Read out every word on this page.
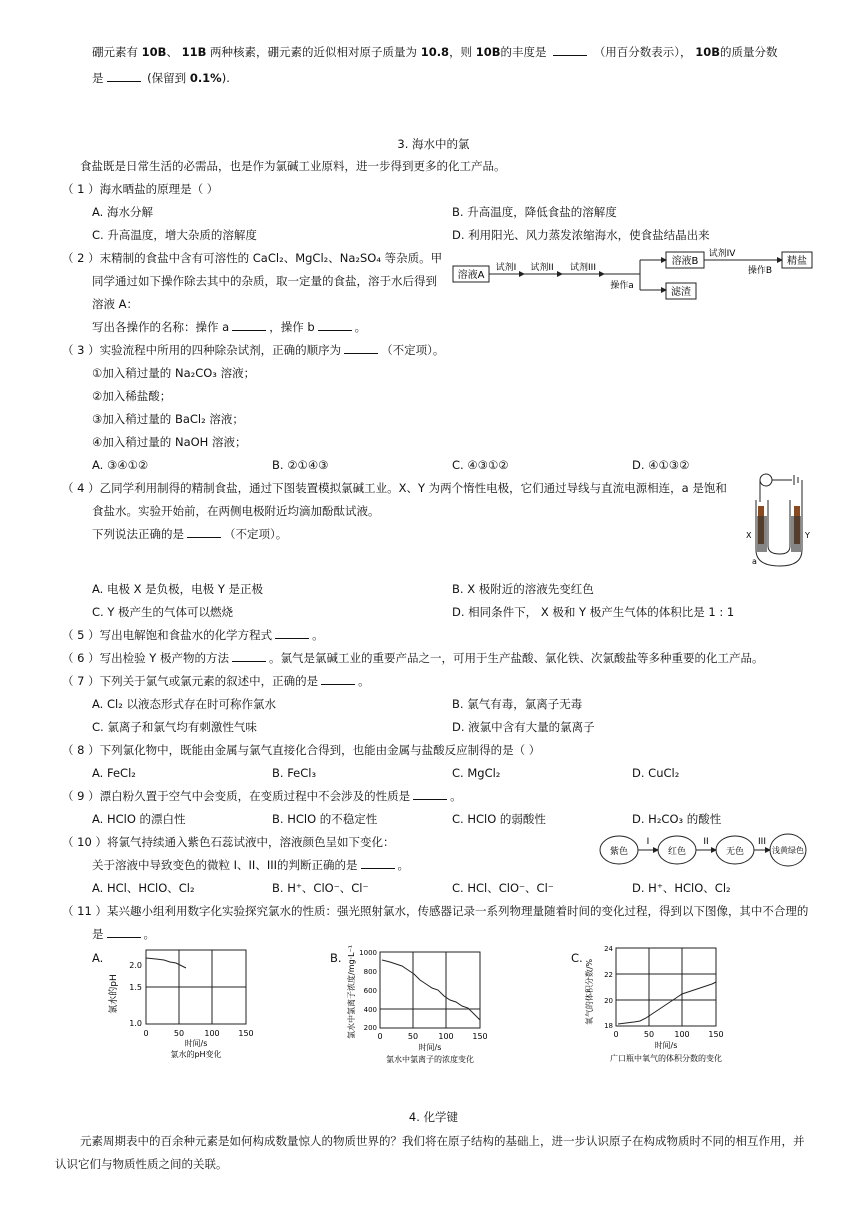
硼元素有 10B、 11B 两种核素，硼元素的近似相对原子质量为 10.8，则 10B的丰度是	（用百分数表示）， 10B的质量分数
是	(保留到 0.1%).
3. 海水中的氯
食盐既是日常生活的必需品，也是作为氯碱工业原料，进一步得到更多的化工产品。
（ 1 ）海水晒盐的原理是（ ）
A. 海水分解	B. 升高温度，降低食盐的溶解度
C. 升高温度，增大杂质的溶解度	D. 利用阳光、风力蒸发浓缩海水，使食盐结晶出来
（ 2 ）末精制的食盐中含有可溶性的 CaCl₂、MgCl₂、Na₂SO₄ 等杂质。甲
同学通过如下操作除去其中的杂质，取一定量的食盐，溶于水后得到
溶液 A：
写出各操作的名称：操作 a	，操作 b	。
溶液A
试剂I 试剂II 试剂III
操作a
溶液B
滤渣
试剂IV
操作B
精盐
（ 3 ）实验流程中所用的四种除杂试剂，正确的顺序为	（不定项）。
①加入稍过量的 Na₂CO₃ 溶液；
②加入稀盐酸；
③加入稍过量的 BaCl₂ 溶液；
④加入稍过量的 NaOH 溶液；
A. ③④①②	B. ②①④③	C. ④③①②	D. ④①③②
（ 4 ）乙同学利用制得的精制食盐，通过下图装置模拟氯碱工业。X、Y 为两个惰性电极，它们通过导线与直流电源相连，a 是饱和
食盐水。实验开始前，在两侧电极附近均滴加酚酞试液。
下列说法正确的是	（不定项）。	X	Y
a
A. 电极 X 是负极，电极 Y 是正极	B. X 极附近的溶液先变红色
C. Y 极产生的气体可以燃烧	D. 相同条件下， X 极和 Y 极产生气体的体积比是 1 : 1
（ 5 ）写出电解饱和食盐水的化学方程式	。
（ 6 ）写出检验 Y 极产物的方法	。氯气是氯碱工业的重要产品之一，可用于生产盐酸、氯化铁、次氯酸盐等多种重要的化工产品。
（ 7 ）下列关于氯气或氯元素的叙述中，正确的是	。
A. Cl₂ 以液态形式存在时可称作氯水	B. 氯气有毒，氯离子无毒
C. 氯离子和氯气均有刺激性气味	D. 液氯中含有大量的氯离子
（ 8 ）下列氯化物中，既能由金属与氯气直接化合得到，也能由金属与盐酸反应制得的是（ ）
A. FeCl₂	B. FeCl₃	C. MgCl₂	D. CuCl₂
（ 9 ）漂白粉久置于空气中会变质，在变质过程中不会涉及的性质是	。
A. HClO 的漂白性	B. HClO 的不稳定性	C. HClO 的弱酸性	D. H₂CO₃ 的酸性
（ 10 ）将氯气持续通入紫色石蕊试液中，溶液颜色呈如下变化：
关于溶液中导致变色的微粒 I、II、III的判断正确的是	。
紫色
I
红色
II
无色
III
浅黄绿色
A. HCl、HClO、Cl₂	B. H⁺、ClO⁻、Cl⁻	C. HCl、ClO⁻、Cl⁻	D. H⁺、HClO、Cl₂
（ 11 ）某兴趣小组利用数字化实验探究氯水的性质：强光照射氯水，传感器记录一系列物理量随着时间的变化过程，得到以下图像，其中不合理的
是	。
A.
氯水的pH
2.0
1.5
1.0
0	50	100 150
时间/s
氯水的pH变化
B. 氯水中氯离子浓度/mg·L⁻¹ 1000
800
600
400
200
0	50	100 150
时间/s
氯水中氯离子的浓度变化
C.
氧气的体积分数/%
24
22
20
18
0	50	100 150
时间/s
广口瓶中氧气的体积分数的变化
4. 化学键
元素周期表中的百余种元素是如何构成数量惊人的物质世界的？我们将在原子结构的基础上，进一步认识原子在构成物质时不同的相互作用，并
认识它们与物质性质之间的关联。
